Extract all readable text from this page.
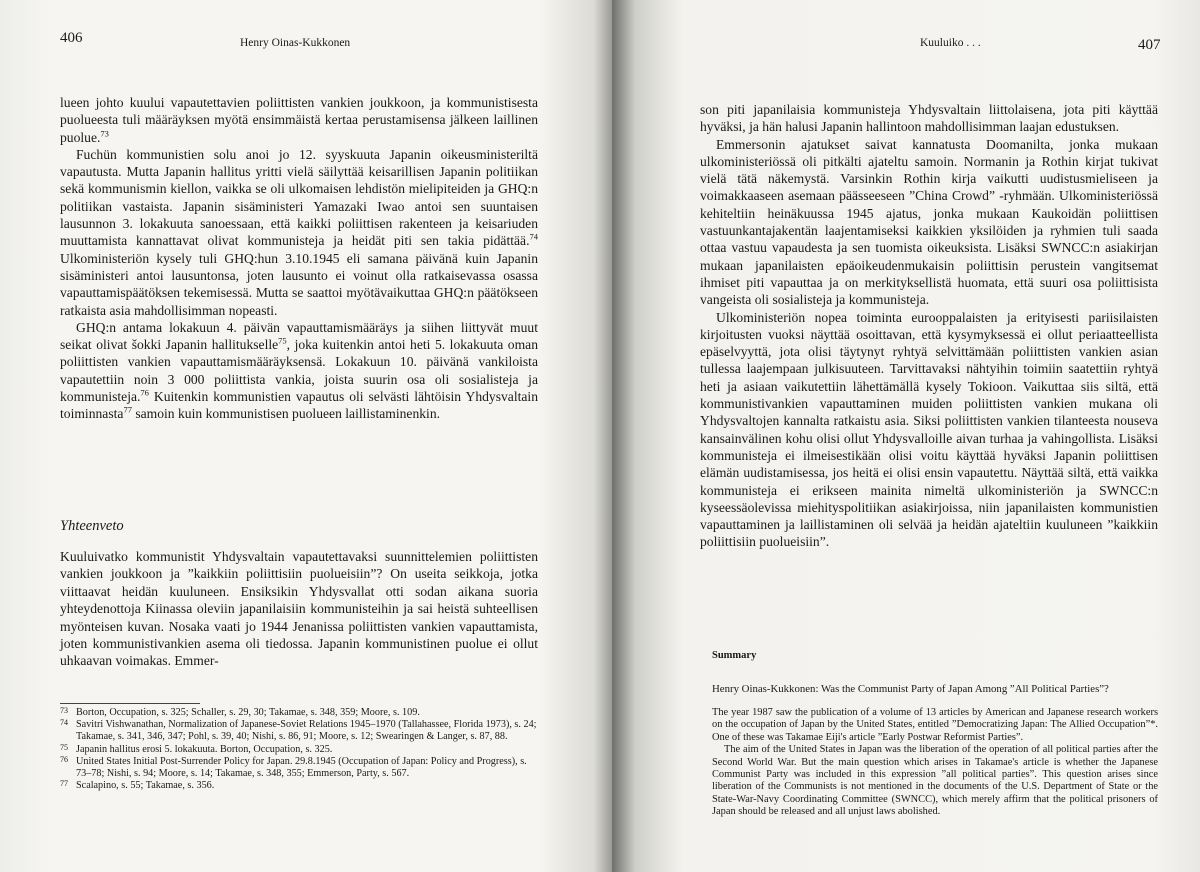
406	Henry Oinas-Kukkonen

lueen johto kuului vapautettavien poliittisten vankien joukkoon, ja kommunistisesta puolueesta tuli määräyksen myötä ensimmäistä kertaa perustamisensa jälkeen laillinen puolue.$^{73}$

Fuchün kommunistien solu anoi jo 12. syyskuuta Japanin oikeusministeriltä vapautusta. Mutta Japanin hallitus yritti vielä säilyttää keisarillisen Japanin politiikan sekä kommunismin kiellon, vaikka se oli ulkomaisen lehdistön mielipiteiden ja GHQ:n politiikan vastaista. Japanin sisäministeri Yamazaki Iwao antoi sen suuntaisen lausunnon 3. lokakuuta sanoessaan, että kaikki poliittisen rakenteen ja keisariuden muuttamista kannattavat olivat kommunisteja ja heidät piti sen takia pidättää.$^{74}$ Ulkoministeriön kysely tuli GHQ:hun 3.10.1945 eli samana päivänä kuin Japanin sisäministeri antoi lausuntonsa, joten lausunto ei voinut olla ratkaisevassa osassa vapauttamispäätöksen tekemisessä. Mutta se saattoi myötävaikuttaa GHQ:n päätökseen ratkaista asia mahdollisimman nopeasti.

GHQ:n antama lokakuun 4. päivän vapauttamismääräys ja siihen liittyvät muut seikat olivat šokki Japanin hallitukselle$^{75}$, joka kuitenkin antoi heti 5. lokakuuta oman poliittisten vankien vapauttamismääräyksensä. Lokakuun 10. päivänä vankiloista vapautettiin noin 3 000 poliittista vankia, joista suurin osa oli sosialisteja ja kommunisteja.$^{76}$ Kuitenkin kommunistien vapautus oli selvästi lähtöisin Yhdysvaltain toiminnasta$^{77}$ samoin kuin kommunistisen puolueen laillistaminenkin.

Yhteenveto

Kuuluivatko kommunistit Yhdysvaltain vapautettavaksi suunnittelemien poliittisten vankien joukkoon ja ”kaikkiin poliittisiin puolueisiin”? On useita seikkoja, jotka viittaavat heidän kuuluneen. Ensiksikin Yhdysvallat otti sodan aikana suoria yhteydenottoja Kiinassa oleviin japanilaisiin kommunisteihin ja sai heistä suhteellisen myönteisen kuvan. Nosaka vaati jo 1944 Jenanissa poliittisten vankien vapauttamista, joten kommunistivankien asema oli tiedossa. Japanin kommunistinen puolue ei ollut uhkaavan voimakas. Emmer-

73 Borton, Occupation, s. 325; Schaller, s. 29, 30; Takamae, s. 348, 359; Moore, s. 109.
74 Savitri Vishwanathan, Normalization of Japanese-Soviet Relations 1945–1970 (Tallahassee, Florida 1973), s. 24; Takamae, s. 341, 346, 347; Pohl, s. 39, 40; Nishi, s. 86, 91; Moore, s. 12; Swearingen & Langer, s. 87, 88.
75 Japanin hallitus erosi 5. lokakuuta. Borton, Occupation, s. 325.
76 United States Initial Post-Surrender Policy for Japan. 29.8.1945 (Occupation of Japan: Policy and Progress), s. 73–78; Nishi, s. 94; Moore, s. 14; Takamae, s. 348, 355; Emmerson, Party, s. 567.
77 Scalapino, s. 55; Takamae, s. 356.
Kuuluiko . . .	407

son piti japanilaisia kommunisteja Yhdysvaltain liittolaisena, jota piti käyttää hyväksi, ja hän halusi Japanin hallintoon mahdollisimman laajan edustuksen.

Emmersonin ajatukset saivat kannatusta Doomanilta, jonka mukaan ulkoministeriössä oli pitkälti ajateltu samoin. Normanin ja Rothin kirjat tukivat vielä tätä näkemystä. Varsinkin Rothin kirja vaikutti uudistusmieliseen ja voimakkaaseen asemaan päässeeseen ”China Crowd” -ryhmään. Ulkoministeriössä kehiteltiin heinäkuussa 1945 ajatus, jonka mukaan Kaukoidän poliittisen vastuunkantajakentän laajentamiseksi kaikkien yksilöiden ja ryhmien tuli saada ottaa vastuu vapaudesta ja sen tuomista oikeuksista. Lisäksi SWNCC:n asiakirjan mukaan japanilaisten epäoikeudenmukaisin poliittisin perustein vangitsemat ihmiset piti vapauttaa ja on merkityksellistä huomata, että suuri osa poliittisista vangeista oli sosialisteja ja kommunisteja.

Ulkoministeriön nopea toiminta eurooppalaisten ja erityisesti pariisilaisten kirjoitusten vuoksi näyttää osoittavan, että kysymyksessä ei ollut periaatteellista epäselvyyttä, jota olisi täytynyt ryhtyä selvittämään poliittisten vankien asian tullessa laajempaan julkisuuteen. Tarvittavaksi nähtyihin toimiin saatettiin ryhtyä heti ja asiaan vaikutettiin lähettämällä kysely Tokioon. Vaikuttaa siis siltä, että kommunistivankien vapauttaminen muiden poliittisten vankien mukana oli Yhdysvaltojen kannalta ratkaistu asia. Siksi poliittisten vankien tilanteesta nouseva kansainvälinen kohu olisi ollut Yhdysvalloille aivan turhaa ja vahingollista. Lisäksi kommunisteja ei ilmeisestikään olisi voitu käyttää hyväksi Japanin poliittisen elämän uudistamisessa, jos heitä ei olisi ensin vapautettu. Näyttää siltä, että vaikka kommunisteja ei erikseen mainita nimeltä ulkoministeriön ja SWNCC:n kyseessäolevissa miehityspolitiikan asiakirjoissa, niin japanilaisten kommunistien vapauttaminen ja laillistaminen oli selvää ja heidän ajateltiin kuuluneen ”kaikkiin poliittisiin puolueisiin”.

Summary
Henry Oinas-Kukkonen: Was the Communist Party of Japan Among ”All Political Parties”?

The year 1987 saw the publication of a volume of 13 articles by American and Japanese research workers on the occupation of Japan by the United States, entitled ”Democratizing Japan: The Allied Occupation”*. One of these was Takamae Eiji's article ”Early Postwar Reformist Parties”.

The aim of the United States in Japan was the liberation of the operation of all political parties after the Second World War. But the main question which arises in Takamae's article is whether the Japanese Communist Party was included in this expression ”all political parties”. This question arises since liberation of the Communists is not mentioned in the documents of the U.S. Department of State or the State-War-Navy Coordinating Committee (SWNCC), which merely affirm that the political prisoners of Japan should be released and all unjust laws abolished.
